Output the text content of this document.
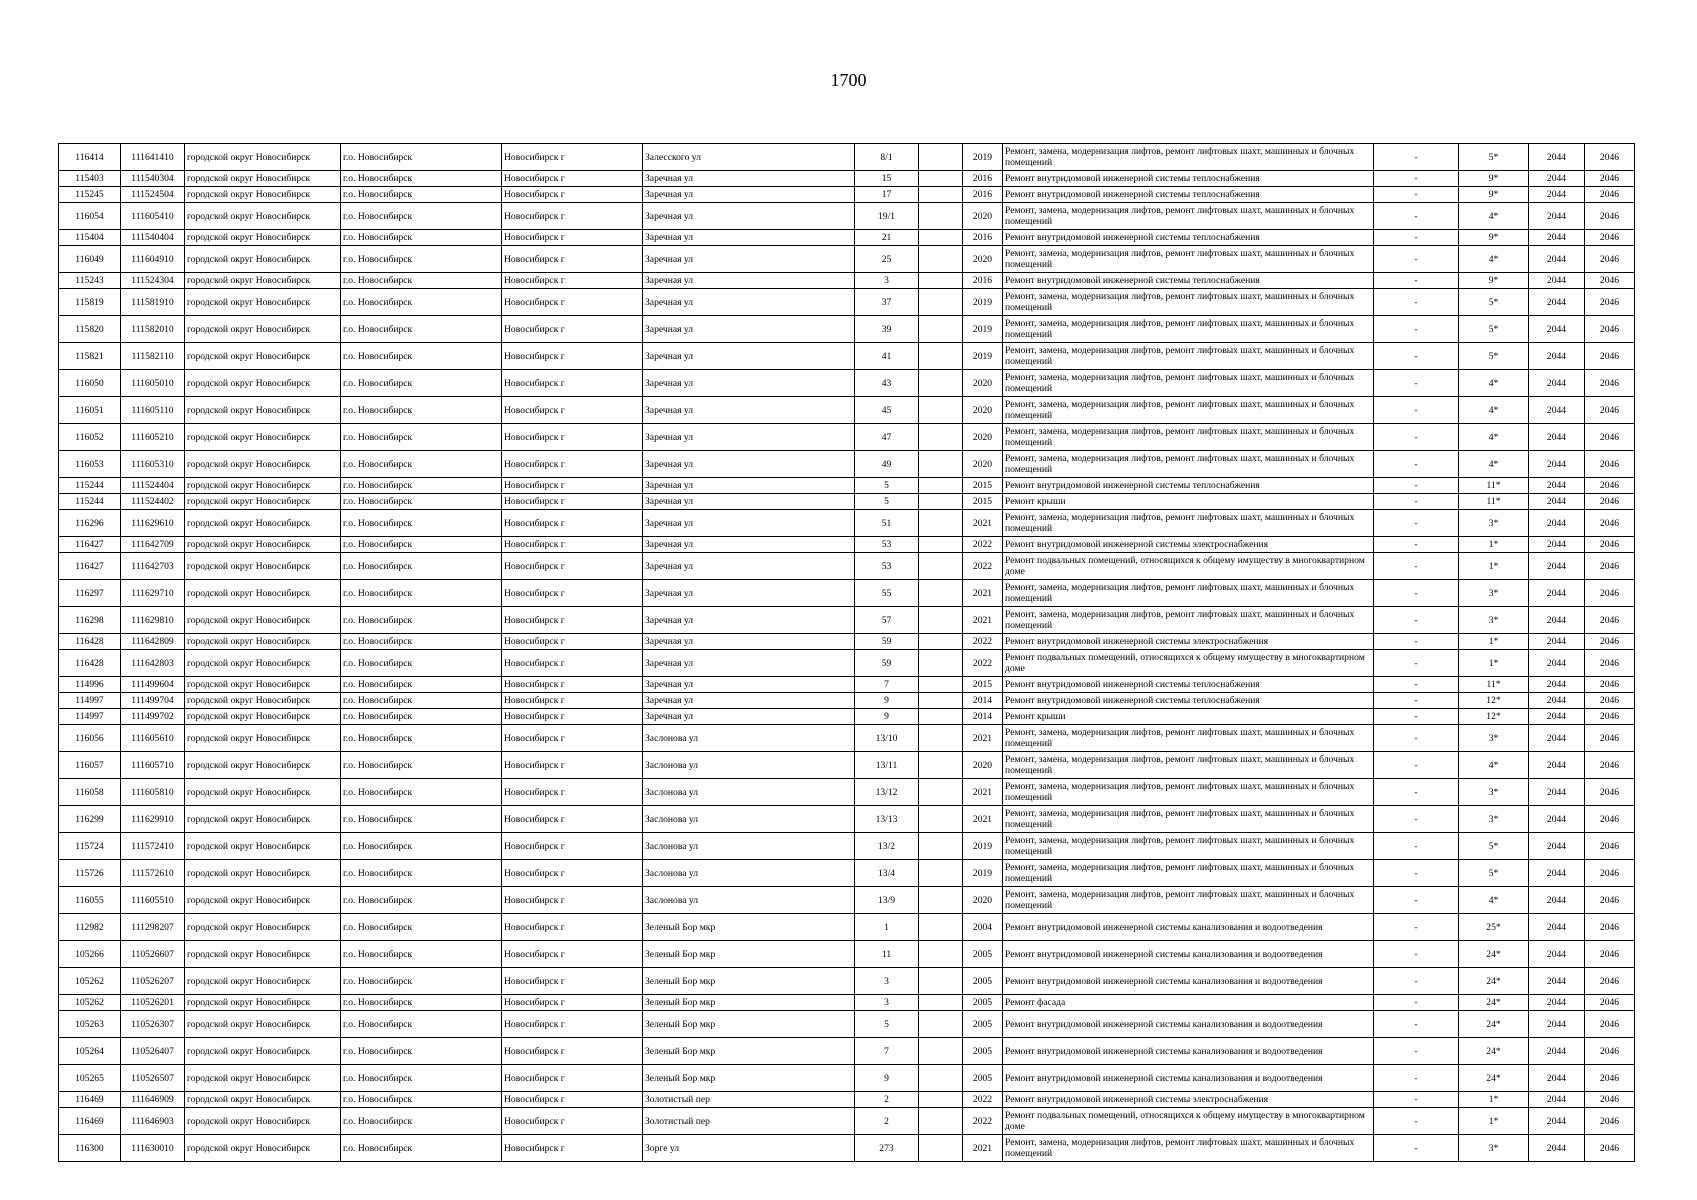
1700
116414	111641410	городской округ Новосибирск	г.о. Новосибирск	Новосибирск г	Залесского ул	8/1		2019	Ремонт, замена, модернизация лифтов, ремонт лифтовых шахт, машинных и блочных помещений	-	5*	2044	2046
115403	111540304	городской округ Новосибирск	г.о. Новосибирск	Новосибирск г	Заречная ул	15		2016	Ремонт внутридомовой инженерной системы теплоснабжения	-	9*	2044	2046
115245	111524504	городской округ Новосибирск	г.о. Новосибирск	Новосибирск г	Заречная ул	17		2016	Ремонт внутридомовой инженерной системы теплоснабжения	-	9*	2044	2046
116054	111605410	городской округ Новосибирск	г.о. Новосибирск	Новосибирск г	Заречная ул	19/1		2020	Ремонт, замена, модернизация лифтов, ремонт лифтовых шахт, машинных и блочных помещений	-	4*	2044	2046
115404	111540404	городской округ Новосибирск	г.о. Новосибирск	Новосибирск г	Заречная ул	21		2016	Ремонт внутридомовой инженерной системы теплоснабжения	-	9*	2044	2046
116049	111604910	городской округ Новосибирск	г.о. Новосибирск	Новосибирск г	Заречная ул	25		2020	Ремонт, замена, модернизация лифтов, ремонт лифтовых шахт, машинных и блочных помещений	-	4*	2044	2046
115243	111524304	городской округ Новосибирск	г.о. Новосибирск	Новосибирск г	Заречная ул	3		2016	Ремонт внутридомовой инженерной системы теплоснабжения	-	9*	2044	2046
115819	111581910	городской округ Новосибирск	г.о. Новосибирск	Новосибирск г	Заречная ул	37		2019	Ремонт, замена, модернизация лифтов, ремонт лифтовых шахт, машинных и блочных помещений	-	5*	2044	2046
115820	111582010	городской округ Новосибирск	г.о. Новосибирск	Новосибирск г	Заречная ул	39		2019	Ремонт, замена, модернизация лифтов, ремонт лифтовых шахт, машинных и блочных помещений	-	5*	2044	2046
115821	111582110	городской округ Новосибирск	г.о. Новосибирск	Новосибирск г	Заречная ул	41		2019	Ремонт, замена, модернизация лифтов, ремонт лифтовых шахт, машинных и блочных помещений	-	5*	2044	2046
116050	111605010	городской округ Новосибирск	г.о. Новосибирск	Новосибирск г	Заречная ул	43		2020	Ремонт, замена, модернизация лифтов, ремонт лифтовых шахт, машинных и блочных помещений	-	4*	2044	2046
116051	111605110	городской округ Новосибирск	г.о. Новосибирск	Новосибирск г	Заречная ул	45		2020	Ремонт, замена, модернизация лифтов, ремонт лифтовых шахт, машинных и блочных помещений	-	4*	2044	2046
116052	111605210	городской округ Новосибирск	г.о. Новосибирск	Новосибирск г	Заречная ул	47		2020	Ремонт, замена, модернизация лифтов, ремонт лифтовых шахт, машинных и блочных помещений	-	4*	2044	2046
116053	111605310	городской округ Новосибирск	г.о. Новосибирск	Новосибирск г	Заречная ул	49		2020	Ремонт, замена, модернизация лифтов, ремонт лифтовых шахт, машинных и блочных помещений	-	4*	2044	2046
115244	111524404	городской округ Новосибирск	г.о. Новосибирск	Новосибирск г	Заречная ул	5		2015	Ремонт внутридомовой инженерной системы теплоснабжения	-	11*	2044	2046
115244	111524402	городской округ Новосибирск	г.о. Новосибирск	Новосибирск г	Заречная ул	5		2015	Ремонт крыши	-	11*	2044	2046
116296	111629610	городской округ Новосибирск	г.о. Новосибирск	Новосибирск г	Заречная ул	51		2021	Ремонт, замена, модернизация лифтов, ремонт лифтовых шахт, машинных и блочных помещений	-	3*	2044	2046
116427	111642709	городской округ Новосибирск	г.о. Новосибирск	Новосибирск г	Заречная ул	53		2022	Ремонт внутридомовой инженерной системы электроснабжения	-	1*	2044	2046
116427	111642703	городской округ Новосибирск	г.о. Новосибирск	Новосибирск г	Заречная ул	53		2022	Ремонт подвальных помещений, относящихся к общему имуществу в многоквартирном доме	-	1*	2044	2046
116297	111629710	городской округ Новосибирск	г.о. Новосибирск	Новосибирск г	Заречная ул	55		2021	Ремонт, замена, модернизация лифтов, ремонт лифтовых шахт, машинных и блочных помещений	-	3*	2044	2046
116298	111629810	городской округ Новосибирск	г.о. Новосибирск	Новосибирск г	Заречная ул	57		2021	Ремонт, замена, модернизация лифтов, ремонт лифтовых шахт, машинных и блочных помещений	-	3*	2044	2046
116428	111642809	городской округ Новосибирск	г.о. Новосибирск	Новосибирск г	Заречная ул	59		2022	Ремонт внутридомовой инженерной системы электроснабжения	-	1*	2044	2046
116428	111642803	городской округ Новосибирск	г.о. Новосибирск	Новосибирск г	Заречная ул	59		2022	Ремонт подвальных помещений, относящихся к общему имуществу в многоквартирном доме	-	1*	2044	2046
114996	111499604	городской округ Новосибирск	г.о. Новосибирск	Новосибирск г	Заречная ул	7		2015	Ремонт внутридомовой инженерной системы теплоснабжения	-	11*	2044	2046
114997	111499704	городской округ Новосибирск	г.о. Новосибирск	Новосибирск г	Заречная ул	9		2014	Ремонт внутридомовой инженерной системы теплоснабжения	-	12*	2044	2046
114997	111499702	городской округ Новосибирск	г.о. Новосибирск	Новосибирск г	Заречная ул	9		2014	Ремонт крыши	-	12*	2044	2046
116056	111605610	городской округ Новосибирск	г.о. Новосибирск	Новосибирск г	Заслонова ул	13/10		2021	Ремонт, замена, модернизация лифтов, ремонт лифтовых шахт, машинных и блочных помещений	-	3*	2044	2046
116057	111605710	городской округ Новосибирск	г.о. Новосибирск	Новосибирск г	Заслонова ул	13/11		2020	Ремонт, замена, модернизация лифтов, ремонт лифтовых шахт, машинных и блочных помещений	-	4*	2044	2046
116058	111605810	городской округ Новосибирск	г.о. Новосибирск	Новосибирск г	Заслонова ул	13/12		2021	Ремонт, замена, модернизация лифтов, ремонт лифтовых шахт, машинных и блочных помещений	-	3*	2044	2046
116299	111629910	городской округ Новосибирск	г.о. Новосибирск	Новосибирск г	Заслонова ул	13/13		2021	Ремонт, замена, модернизация лифтов, ремонт лифтовых шахт, машинных и блочных помещений	-	3*	2044	2046
115724	111572410	городской округ Новосибирск	г.о. Новосибирск	Новосибирск г	Заслонова ул	13/2		2019	Ремонт, замена, модернизация лифтов, ремонт лифтовых шахт, машинных и блочных помещений	-	5*	2044	2046
115726	111572610	городской округ Новосибирск	г.о. Новосибирск	Новосибирск г	Заслонова ул	13/4		2019	Ремонт, замена, модернизация лифтов, ремонт лифтовых шахт, машинных и блочных помещений	-	5*	2044	2046
116055	111605510	городской округ Новосибирск	г.о. Новосибирск	Новосибирск г	Заслонова ул	13/9		2020	Ремонт, замена, модернизация лифтов, ремонт лифтовых шахт, машинных и блочных помещений	-	4*	2044	2046
112982	111298207	городской округ Новосибирск	г.о. Новосибирск	Новосибирск г	Зеленый Бор мкр	1		2004	Ремонт внутридомовой инженерной системы канализования и водоотведения	-	25*	2044	2046
105266	110526607	городской округ Новосибирск	г.о. Новосибирск	Новосибирск г	Зеленый Бор мкр	11		2005	Ремонт внутридомовой инженерной системы канализования и водоотведения	-	24*	2044	2046
105262	110526207	городской округ Новосибирск	г.о. Новосибирск	Новосибирск г	Зеленый Бор мкр	3		2005	Ремонт внутридомовой инженерной системы канализования и водоотведения	-	24*	2044	2046
105262	110526201	городской округ Новосибирск	г.о. Новосибирск	Новосибирск г	Зеленый Бор мкр	3		2005	Ремонт фасада	-	24*	2044	2046
105263	110526307	городской округ Новосибирск	г.о. Новосибирск	Новосибирск г	Зеленый Бор мкр	5		2005	Ремонт внутридомовой инженерной системы канализования и водоотведения	-	24*	2044	2046
105264	110526407	городской округ Новосибирск	г.о. Новосибирск	Новосибирск г	Зеленый Бор мкр	7		2005	Ремонт внутридомовой инженерной системы канализования и водоотведения	-	24*	2044	2046
105265	110526507	городской округ Новосибирск	г.о. Новосибирск	Новосибирск г	Зеленый Бор мкр	9		2005	Ремонт внутридомовой инженерной системы канализования и водоотведения	-	24*	2044	2046
116469	111646909	городской округ Новосибирск	г.о. Новосибирск	Новосибирск г	Золотистый пер	2		2022	Ремонт внутридомовой инженерной системы электроснабжения	-	1*	2044	2046
116469	111646903	городской округ Новосибирск	г.о. Новосибирск	Новосибирск г	Золотистый пер	2		2022	Ремонт подвальных помещений, относящихся к общему имуществу в многоквартирном доме	-	1*	2044	2046
116300	111630010	городской округ Новосибирск	г.о. Новосибирск	Новосибирск г	Зорге ул	273		2021	Ремонт, замена, модернизация лифтов, ремонт лифтовых шахт, машинных и блочных помещений	-	3*	2044	2046
